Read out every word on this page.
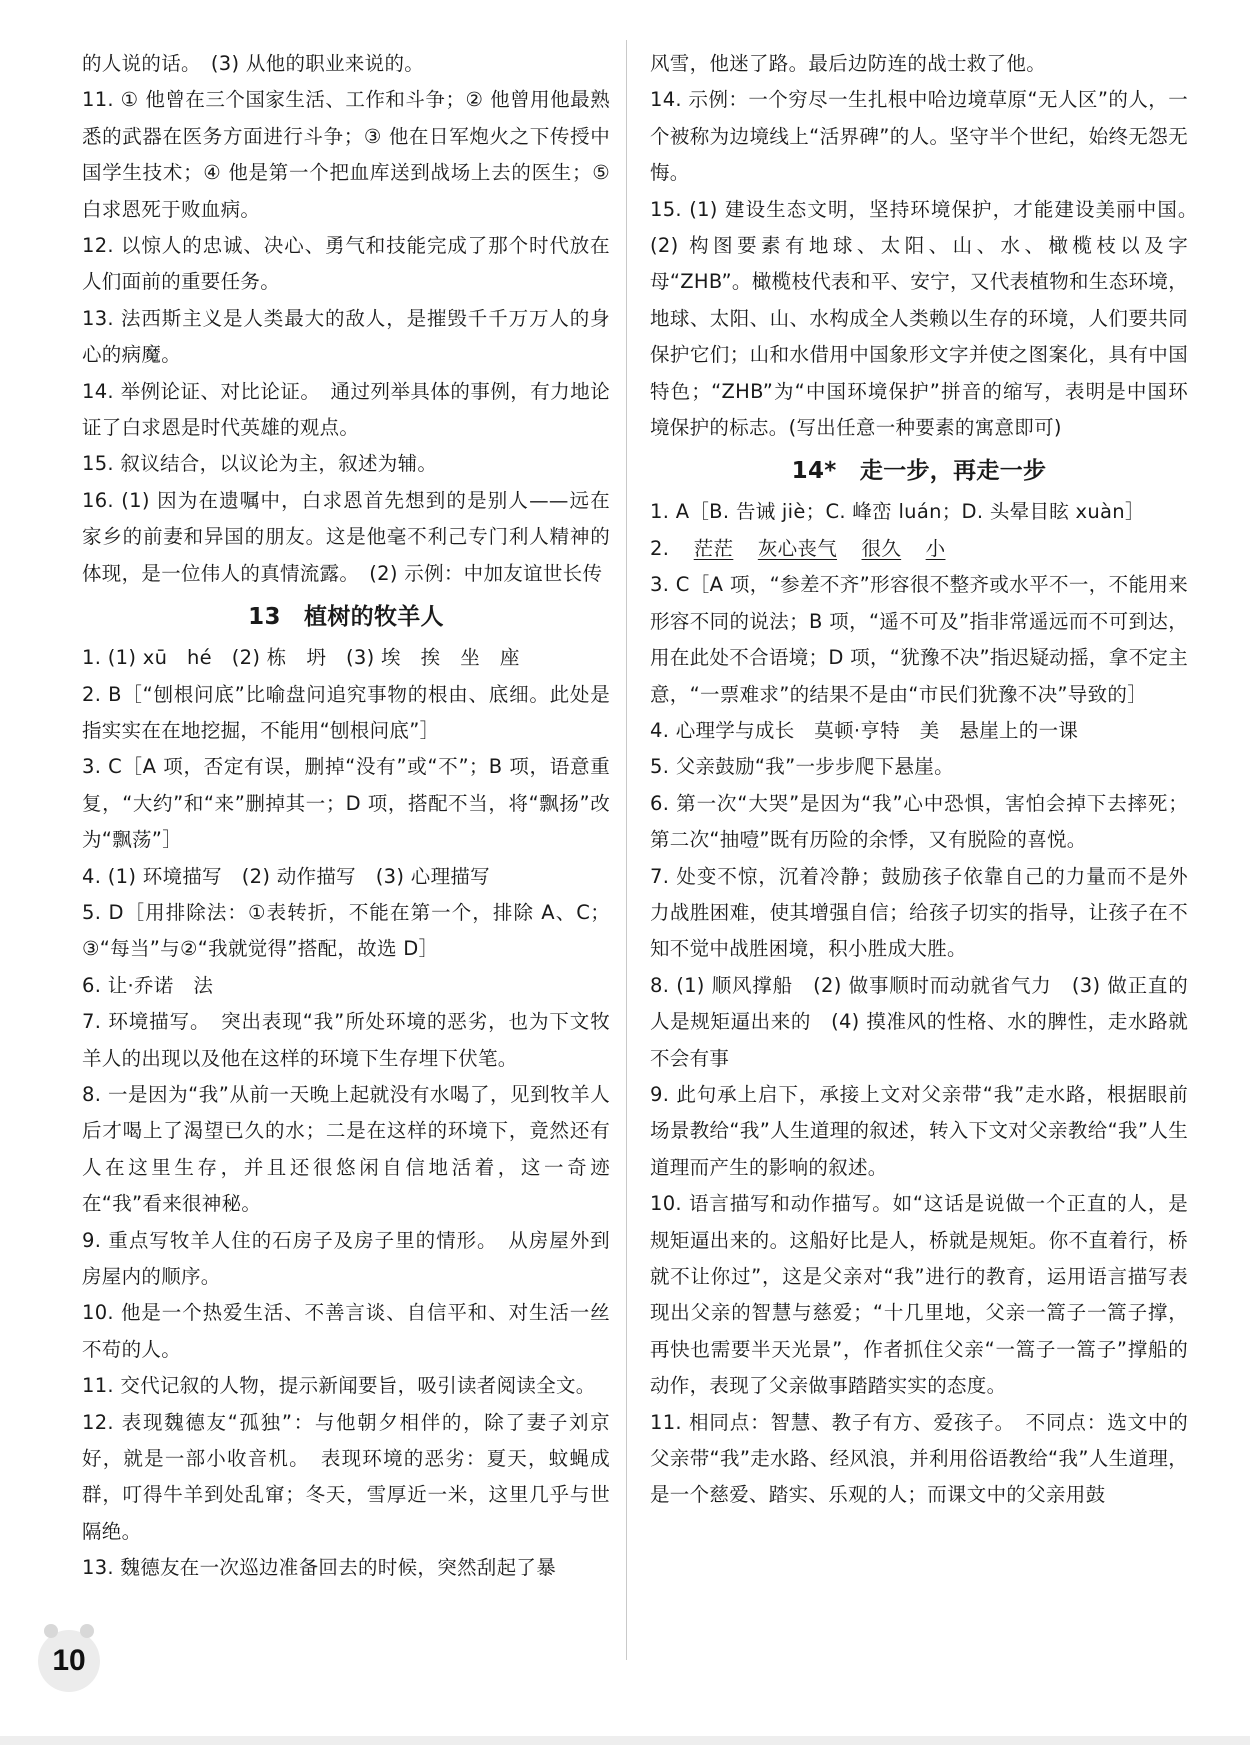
的人说的话。　(3) 从他的职业来说的。

11. ① 他曾在三个国家生活、工作和斗争；② 他曾用他最熟悉的武器在医务方面进行斗争；③ 他在日军炮火之下传授中国学生技术；④ 他是第一个把血库送到战场上去的医生；⑤ 白求恩死于败血病。

12. 以惊人的忠诚、决心、勇气和技能完成了那个时代放在人们面前的重要任务。

13. 法西斯主义是人类最大的敌人，是摧毁千千万万人的身心的病魔。

14. 举例论证、对比论证。　通过列举具体的事例，有力地论证了白求恩是时代英雄的观点。

15. 叙议结合，以议论为主，叙述为辅。

16. (1) 因为在遗嘱中，白求恩首先想到的是别人——远在家乡的前妻和异国的朋友。这是他毫不利己专门利人精神的体现，是一位伟人的真情流露。　(2) 示例：中加友谊世长传

13　植树的牧羊人

1. (1) xū　hé　(2) 栋　坍　(3) 埃　挨　坐　座

2. B［“刨根问底”比喻盘问追究事物的根由、底细。此处是指实实在在地挖掘，不能用“刨根问底”］

3. C［A 项，否定有误，删掉“没有”或“不”；B 项，语意重复，“大约”和“来”删掉其一；D 项，搭配不当，将“飘扬”改为“飘荡”］

4. (1) 环境描写　(2) 动作描写　(3) 心理描写

5. D［用排除法：①表转折，不能在第一个，排除 A、C；③“每当”与②“我就觉得”搭配，故选 D］

6. 让·乔诺　法

7. 环境描写。　突出表现“我”所处环境的恶劣，也为下文牧羊人的出现以及他在这样的环境下生存埋下伏笔。

8. 一是因为“我”从前一天晚上起就没有水喝了，见到牧羊人后才喝上了渴望已久的水；二是在这样的环境下，竟然还有人在这里生存，并且还很悠闲自信地活着，这一奇迹在“我”看来很神秘。

9. 重点写牧羊人住的石房子及房子里的情形。　从房屋外到房屋内的顺序。

10. 他是一个热爱生活、不善言谈、自信平和、对生活一丝不苟的人。

11. 交代记叙的人物，提示新闻要旨，吸引读者阅读全文。

12. 表现魏德友“孤独”：与他朝夕相伴的，除了妻子刘京好，就是一部小收音机。　表现环境的恶劣：夏天，蚊蝇成群，叮得牛羊到处乱窜；冬天，雪厚近一米，这里几乎与世隔绝。

13. 魏德友在一次巡边准备回去的时候，突然刮起了暴

风雪，他迷了路。最后边防连的战士救了他。

14. 示例：一个穷尽一生扎根中哈边境草原“无人区”的人，一个被称为边境线上“活界碑”的人。坚守半个世纪，始终无怨无悔。

15. (1) 建设生态文明，坚持环境保护，才能建设美丽中国。　(2) 构图要素有地球、太阳、山、水、橄榄枝以及字母“ZHB”。橄榄枝代表和平、安宁，又代表植物和生态环境，地球、太阳、山、水构成全人类赖以生存的环境，人们要共同保护它们；山和水借用中国象形文字并使之图案化，具有中国特色；“ZHB”为“中国环境保护”拼音的缩写，表明是中国环境保护的标志。(写出任意一种要素的寓意即可)

14*　走一步，再走一步

1. A［B. 告诫 jiè；C. 峰峦 luán；D. 头晕目眩 xuàn］

2. 茫茫 灰心丧气 很久 小

3. C［A 项，“参差不齐”形容很不整齐或水平不一，不能用来形容不同的说法；B 项，“遥不可及”指非常遥远而不可到达，用在此处不合语境；D 项，“犹豫不决”指迟疑动摇，拿不定主意，“一票难求”的结果不是由“市民们犹豫不决”导致的］

4. 心理学与成长　莫顿·亨特　美　悬崖上的一课

5. 父亲鼓励“我”一步步爬下悬崖。

6. 第一次“大哭”是因为“我”心中恐惧，害怕会掉下去摔死；第二次“抽噎”既有历险的余悸，又有脱险的喜悦。

7. 处变不惊，沉着冷静；鼓励孩子依靠自己的力量而不是外力战胜困难，使其增强自信；给孩子切实的指导，让孩子在不知不觉中战胜困境，积小胜成大胜。

8. (1) 顺风撑船　(2) 做事顺时而动就省气力　(3) 做正直的人是规矩逼出来的　(4) 摸准风的性格、水的脾性，走水路就不会有事

9. 此句承上启下，承接上文对父亲带“我”走水路，根据眼前场景教给“我”人生道理的叙述，转入下文对父亲教给“我”人生道理而产生的影响的叙述。

10. 语言描写和动作描写。如“这话是说做一个正直的人，是规矩逼出来的。这船好比是人，桥就是规矩。你不直着行，桥就不让你过”，这是父亲对“我”进行的教育，运用语言描写表现出父亲的智慧与慈爱；“十几里地，父亲一篙子一篙子撑，再快也需要半天光景”，作者抓住父亲“一篙子一篙子”撑船的动作，表现了父亲做事踏踏实实的态度。

11. 相同点：智慧、教子有方、爱孩子。　不同点：选文中的父亲带“我”走水路、经风浪，并利用俗语教给“我”人生道理，是一个慈爱、踏实、乐观的人；而课文中的父亲用鼓

10
